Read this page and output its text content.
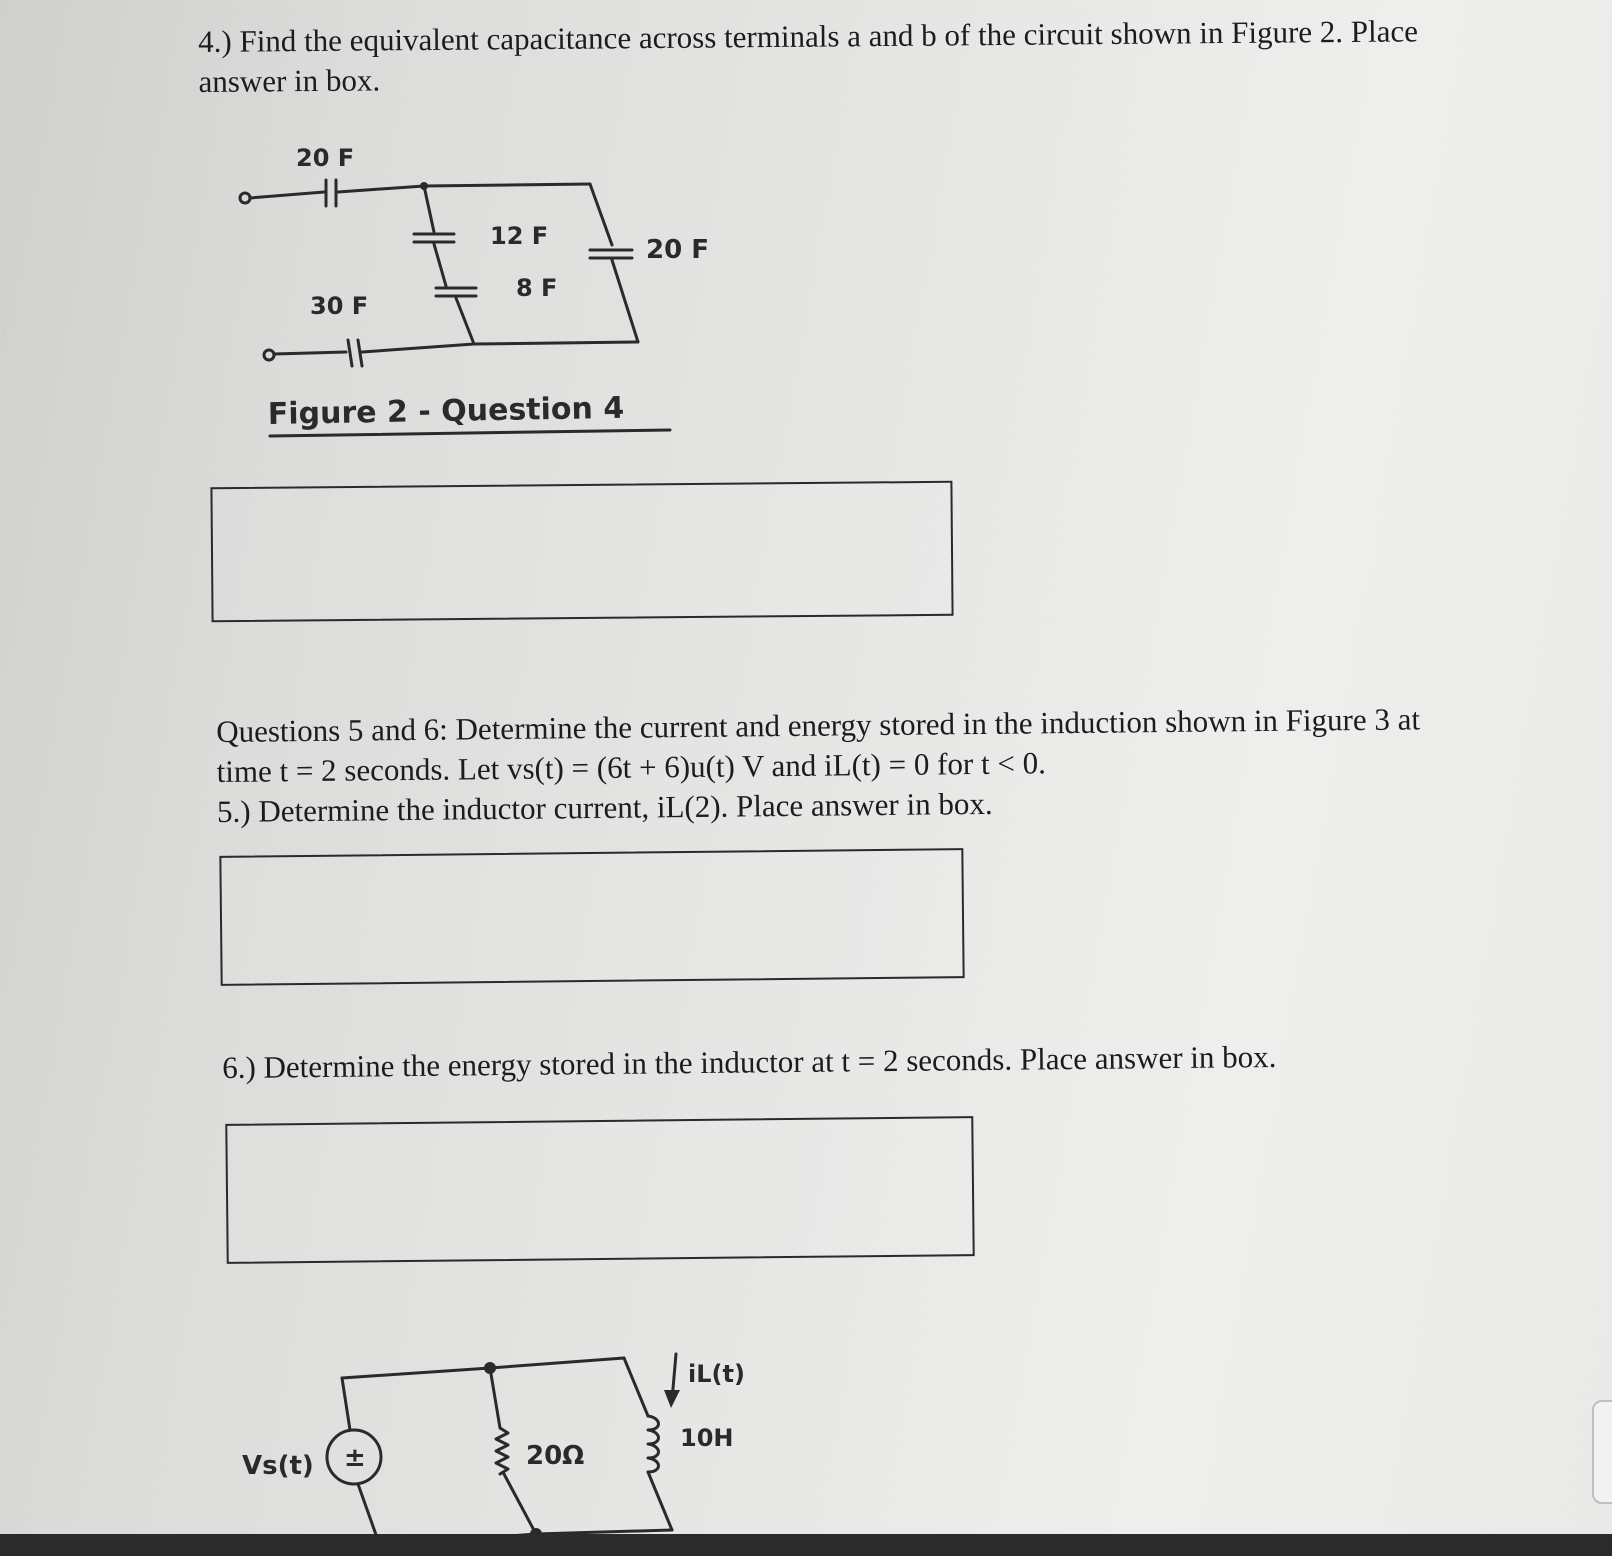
4.) Find the equivalent capacitance across terminals a and b of the circuit shown in Figure 2. Place
answer in box.
20 F
30 F
12 F
8 F
20 F
Figure 2 - Question 4
Questions 5 and 6: Determine the current and energy stored in the induction shown in Figure 3 at
time t = 2 seconds. Let vs(t) = (6t + 6)u(t) V and iL(t) = 0 for t < 0.
5.) Determine the inductor current, iL(2). Place answer in box.
6.) Determine the energy stored in the inductor at t = 2 seconds. Place answer in box.
Vs(t) ±	20Ω
10H
iL(t)
